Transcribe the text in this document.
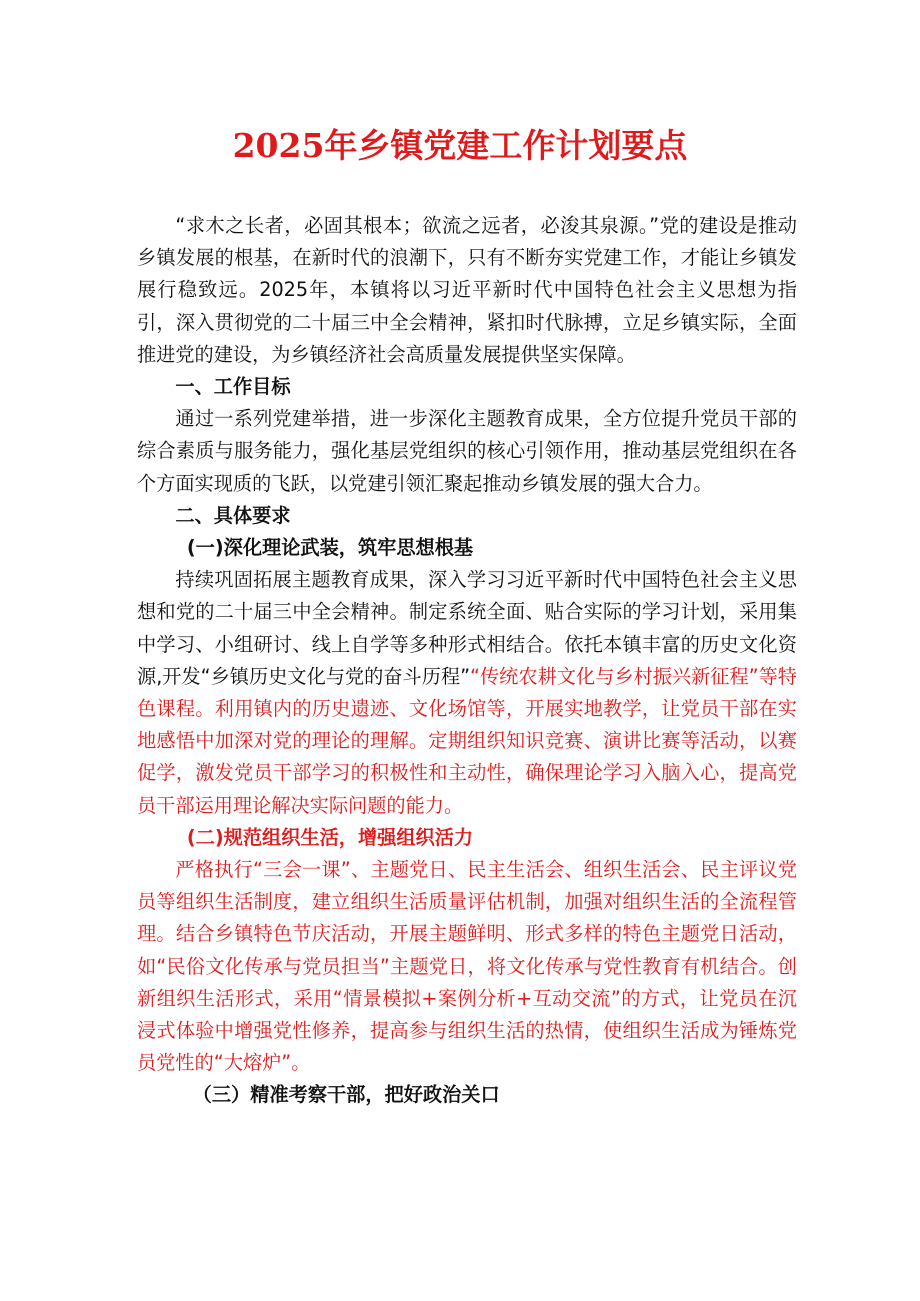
2025年乡镇党建工作计划要点

“求木之长者，必固其根本；欲流之远者，必浚其泉源。”党的建设是推动乡镇发展的根基，在新时代的浪潮下，只有不断夯实党建工作，才能让乡镇发展行稳致远。2025年，本镇将以习近平新时代中国特色社会主义思想为指引，深入贯彻党的二十届三中全会精神，紧扣时代脉搏，立足乡镇实际，全面推进党的建设，为乡镇经济社会高质量发展提供坚实保障。

一、工作目标

通过一系列党建举措，进一步深化主题教育成果，全方位提升党员干部的综合素质与服务能力，强化基层党组织的核心引领作用，推动基层党组织在各个方面实现质的飞跃，以党建引领汇聚起推动乡镇发展的强大合力。

二、具体要求
(一)深化理论武装，筑牢思想根基

持续巩固拓展主题教育成果，深入学习习近平新时代中国特色社会主义思想和党的二十届三中全会精神。制定系统全面、贴合实际的学习计划，采用集中学习、小组研讨、线上自学等多种形式相结合。依托本镇丰富的历史文化资源,开发“乡镇历史文化与党的奋斗历程”“传统农耕文化与乡村振兴新征程”等特色课程。利用镇内的历史遗迹、文化场馆等，开展实地教学，让党员干部在实地感悟中加深对党的理论的理解。定期组织知识竞赛、演讲比赛等活动，以赛促学，激发党员干部学习的积极性和主动性，确保理论学习入脑入心，提高党员干部运用理论解决实际问题的能力。

(二)规范组织生活，增强组织活力

严格执行“三会一课”、主题党日、民主生活会、组织生活会、民主评议党员等组织生活制度，建立组织生活质量评估机制，加强对组织生活的全流程管理。结合乡镇特色节庆活动，开展主题鲜明、形式多样的特色主题党日活动，如“民俗文化传承与党员担当”主题党日，将文化传承与党性教育有机结合。创新组织生活形式，采用“情景模拟+案例分析+互动交流”的方式，让党员在沉浸式体验中增强党性修养，提高参与组织生活的热情，使组织生活成为锤炼党员党性的“大熔炉”。

（三）精准考察干部，把好政治关口
